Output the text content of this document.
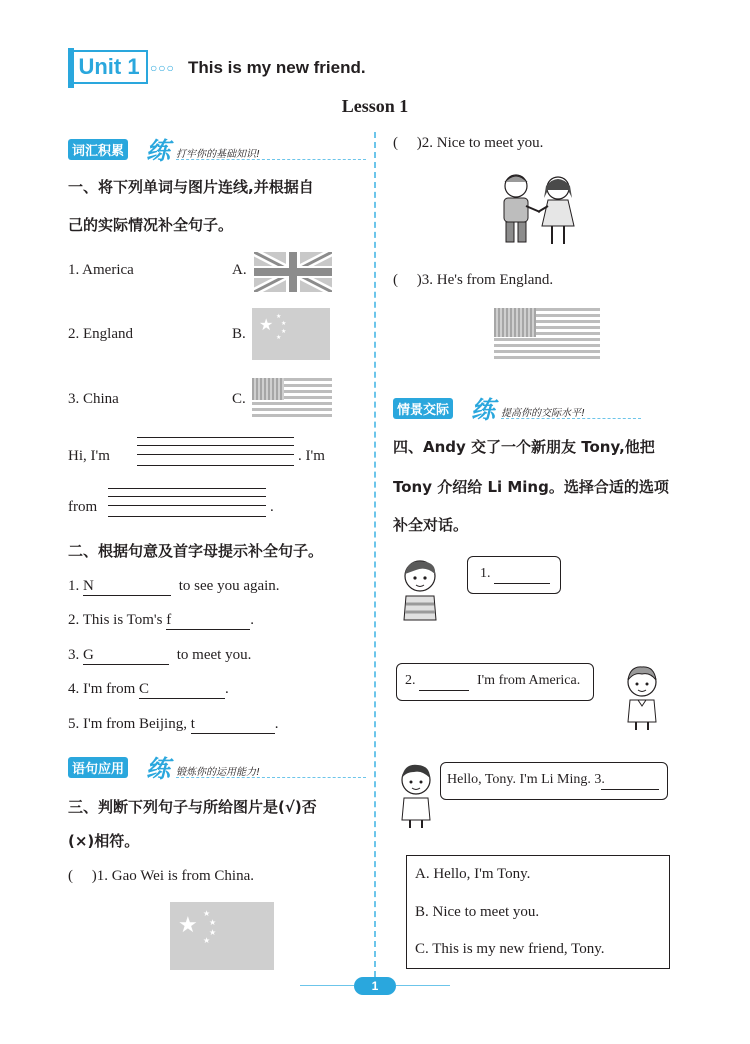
Unit 1 ○○○ This is my new friend.
Lesson 1
词汇积累 练 打牢你的基础知识!
一、将下列单词与图片连线,并根据自
己的实际情况补全句子。
1. America	A.
2. England	B. ★ ★
★
★
★
3. China	C.
Hi, I'm	. I'm
from	.
二、根据句意及首字母提示补全句子。
1. N	to see you again.
2. This is Tom's f	.
3. G	to meet you.
4. I'm from C	.
5. I'm from Beijing, t	.
语句应用 练 锻炼你的运用能力!
三、判断下列句子与所给图片是(√)否
(×)相符。
(     )1. Gao Wei is from China.
★ ★
★
★
★
(     )2. Nice to meet you.
(     )3. He's from England.
情景交际 练 提高你的交际水平!
四、Andy 交了一个新朋友 Tony,他把
Tony 介绍给 Li Ming。选择合适的选项
补全对话。
1.
2.	I'm from America.
Hello, Tony. I'm Li Ming. 3.
A. Hello, I'm Tony.
B. Nice to meet you.
C. This is my new friend, Tony.
1
